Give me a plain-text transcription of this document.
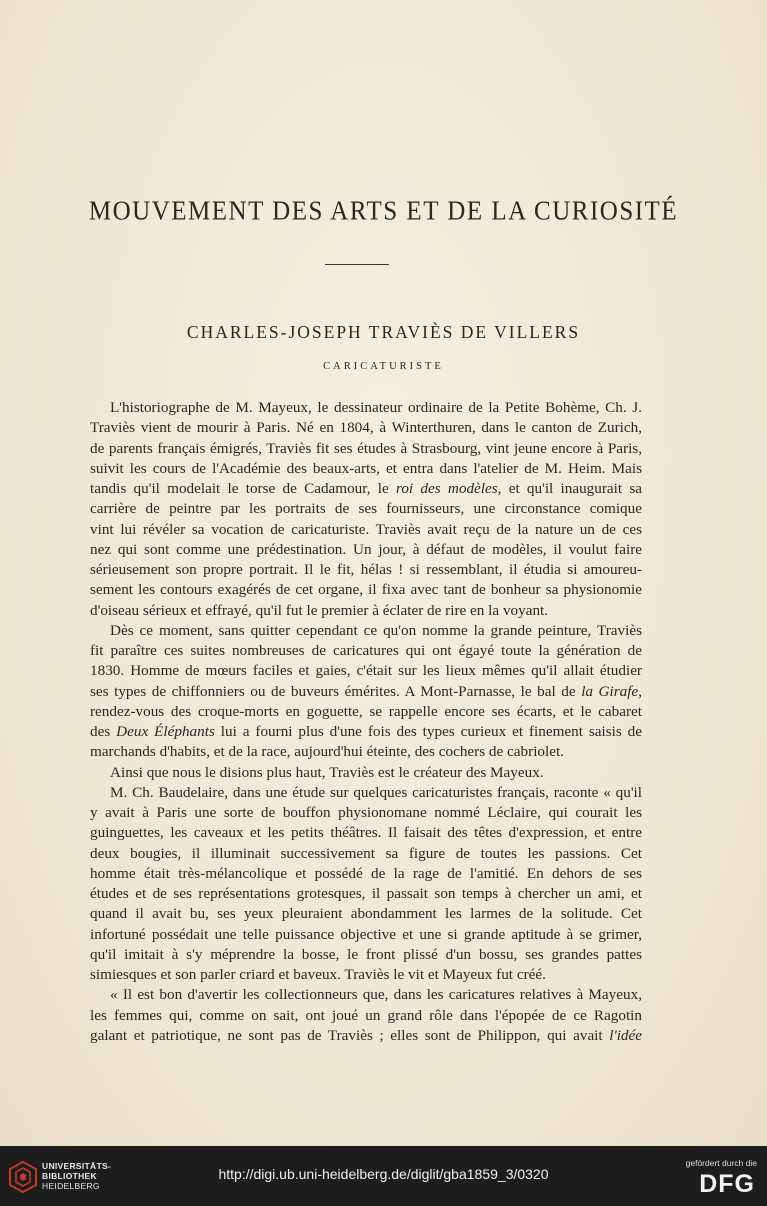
MOUVEMENT DES ARTS ET DE LA CURIOSITÉ
CHARLES-JOSEPH TRAVIÈS DE VILLERS
CARICATURISTE
L'historiographe de M. Mayeux, le dessinateur ordinaire de la Petite Bohème, Ch. J.
Traviès vient de mourir à Paris. Né en 1804, à Winterthuren, dans le canton de Zurich,
de parents français émigrés, Traviès fit ses études à Strasbourg, vint jeune encore à Paris,
suivit les cours de l'Académie des beaux-arts, et entra dans l'atelier de M. Heim. Mais
tandis qu'il modelait le torse de Cadamour, le roi des modèles, et qu'il inaugurait sa
carrière de peintre par les portraits de ses fournisseurs, une circonstance comique
vint lui révéler sa vocation de caricaturiste. Traviès avait reçu de la nature un de ces
nez qui sont comme une prédestination. Un jour, à défaut de modèles, il voulut faire
sérieusement son propre portrait. Il le fit, hélas ! si ressemblant, il étudia si amoureu-
sement les contours exagérés de cet organe, il fixa avec tant de bonheur sa physionomie
d'oiseau sérieux et effrayé, qu'il fut le premier à éclater de rire en la voyant.
Dès ce moment, sans quitter cependant ce qu'on nomme la grande peinture, Traviès
fit paraître ces suites nombreuses de caricatures qui ont égayé toute la génération de
1830. Homme de mœurs faciles et gaies, c'était sur les lieux mêmes qu'il allait étudier
ses types de chiffonniers ou de buveurs émérites. A Mont-Parnasse, le bal de la Girafe,
rendez-vous des croque-morts en goguette, se rappelle encore ses écarts, et le cabaret
des Deux Éléphants lui a fourni plus d'une fois des types curieux et finement saisis de
marchands d'habits, et de la race, aujourd'hui éteinte, des cochers de cabriolet.
Ainsi que nous le disions plus haut, Traviès est le créateur des Mayeux.
M. Ch. Baudelaire, dans une étude sur quelques caricaturistes français, raconte « qu'il
y avait à Paris une sorte de bouffon physionomane nommé Léclaire, qui courait les
guinguettes, les caveaux et les petits théâtres. Il faisait des têtes d'expression, et entre
deux bougies, il illuminait successivement sa figure de toutes les passions. Cet
homme était très-mélancolique et possédé de la rage de l'amitié. En dehors de ses
études et de ses représentations grotesques, il passait son temps à chercher un ami, et
quand il avait bu, ses yeux pleuraient abondamment les larmes de la solitude. Cet
infortuné possédait une telle puissance objective et une si grande aptitude à se grimer,
qu'il imitait à s'y méprendre la bosse, le front plissé d'un bossu, ses grandes pattes
simiesques et son parler criard et baveux. Traviès le vit et Mayeux fut créé.
« Il est bon d'avertir les collectionneurs que, dans les caricatures relatives à Mayeux,
les femmes qui, comme on sait, ont joué un grand rôle dans l'épopée de ce Ragotin
galant et patriotique, ne sont pas de Traviès ; elles sont de Philippon, qui avait l'idée
UNIVERSITÄTS-
BIBLIOTHEK
HEIDELBERG
http://digi.ub.uni-heidelberg.de/diglit/gba1859_3/0320
gefördert durch die
DFG
